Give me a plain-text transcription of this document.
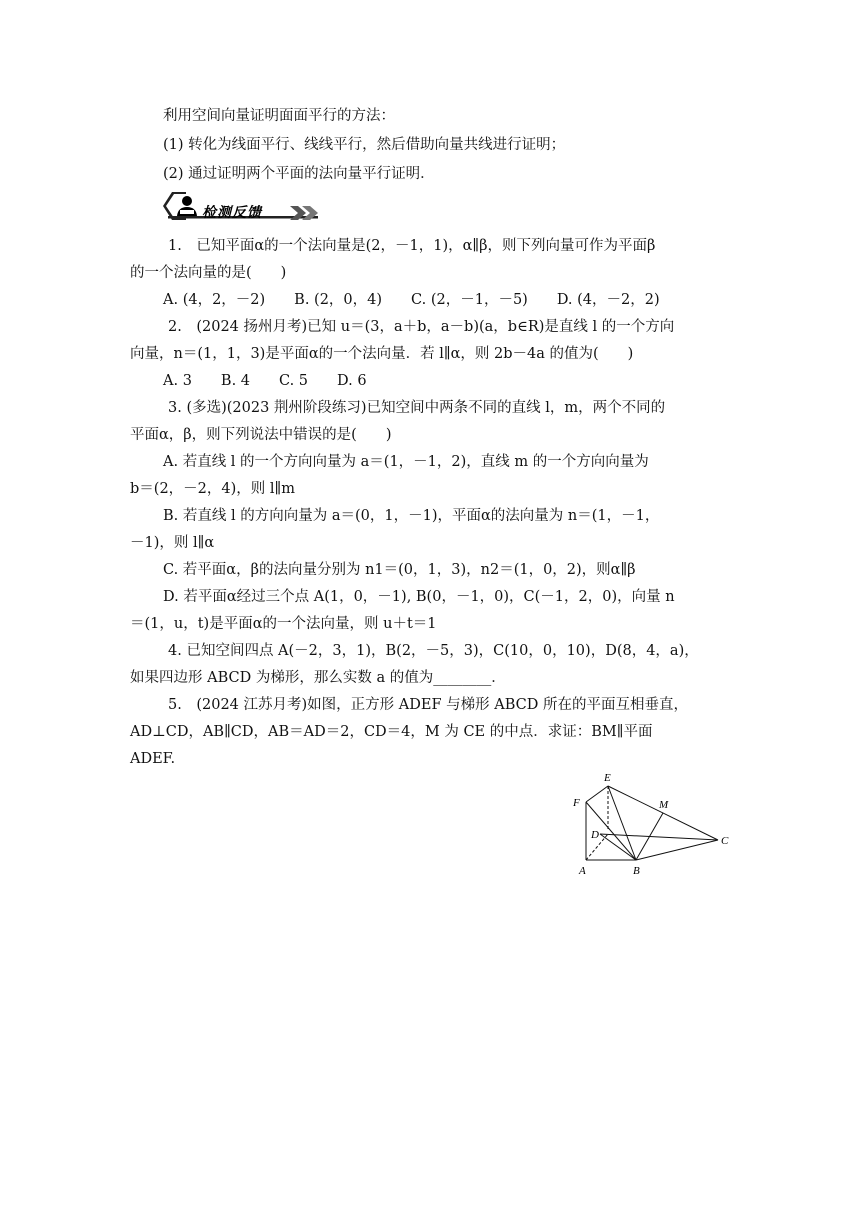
利用空间向量证明面面平行的方法：
(1) 转化为线面平行、线线平行，然后借助向量共线进行证明；
(2) 通过证明两个平面的法向量平行证明．
检测反馈
1.　已知平面α的一个法向量是(2，－1，1)，α∥β，则下列向量可作为平面β
的一个法向量的是(　　)
A. (4，2，－2)　　B. (2，0，4)　　C. (2，－1，－5)　　D. (4，－2，2)
2.　(2024 扬州月考)已知 u＝(3，a＋b，a－b)(a，b∈R)是直线 l 的一个方向
向量，n＝(1，1，3)是平面α的一个法向量．若 l∥α，则 2b－4a 的值为(　　)
A. 3　　B. 4　　C. 5　　D. 6
3. (多选)(2023 荆州阶段练习)已知空间中两条不同的直线 l，m，两个不同的
平面α，β，则下列说法中错误的是(　　)
A. 若直线 l 的一个方向向量为 a＝(1，－1，2)，直线 m 的一个方向向量为
b＝(2，－2，4)，则 l∥m
B. 若直线 l 的方向向量为 a＝(0，1，－1)，平面α的法向量为 n＝(1，－1，
－1)，则 l∥α
C. 若平面α，β的法向量分别为 n1＝(0，1，3)，n2＝(1，0，2)，则α∥β
D. 若平面α经过三个点 A(1，0，－1), B(0，－1，0)，C(－1，2，0)，向量 n
＝(1，u，t)是平面α的一个法向量，则 u＋t＝1
4. 已知空间四点 A(－2，3，1)，B(2，－5，3)，C(10，0，10)，D(8，4，a)，
如果四边形 ABCD 为梯形，那么实数 a 的值为________．
5.　(2024 江苏月考)如图，正方形 ADEF 与梯形 ABCD 所在的平面互相垂直，
AD⊥CD，AB∥CD，AB＝AD＝2，CD＝4，M 为 CE 的中点．求证：BM∥平面
ADEF.
E
F	M
D	C
A	B
